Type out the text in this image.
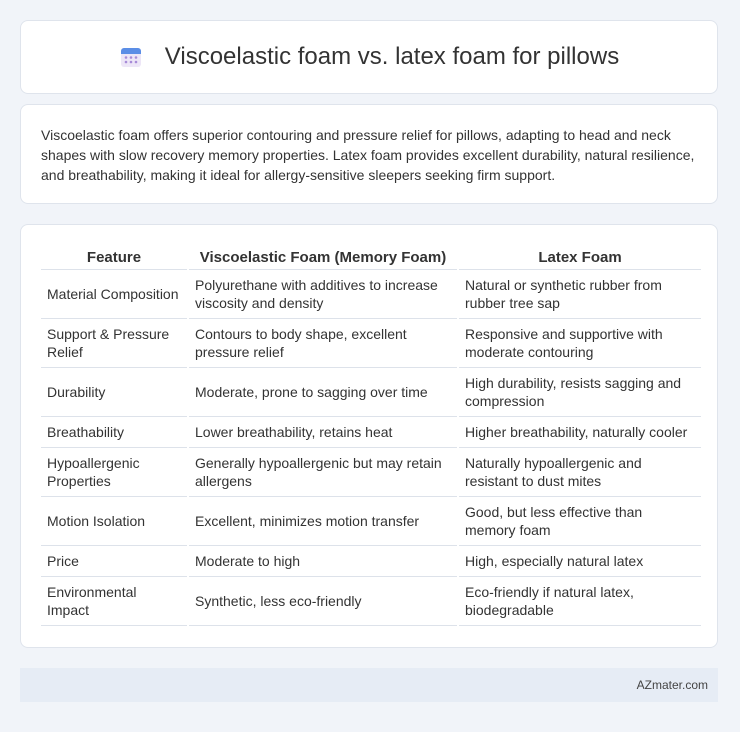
Viscoelastic foam vs. latex foam for pillows

Viscoelastic foam offers superior contouring and pressure relief for pillows, adapting to head and neck shapes with slow recovery memory properties. Latex foam provides excellent durability, natural resilience, and breathability, making it ideal for allergy-sensitive sleepers seeking firm support.

Feature	Viscoelastic Foam (Memory Foam)	Latex Foam
Material Composition	Polyurethane with additives to increase viscosity and density	Natural or synthetic rubber from rubber tree sap
Support & Pressure Relief	Contours to body shape, excellent pressure relief	Responsive and supportive with moderate contouring
Durability	Moderate, prone to sagging over time	High durability, resists sagging and compression
Breathability	Lower breathability, retains heat	Higher breathability, naturally cooler
Hypoallergenic Properties	Generally hypoallergenic but may retain allergens	Naturally hypoallergenic and resistant to dust mites
Motion Isolation	Excellent, minimizes motion transfer	Good, but less effective than memory foam
Price	Moderate to high	High, especially natural latex
Environmental Impact	Synthetic, less eco-friendly	Eco-friendly if natural latex, biodegradable
AZmater.com
